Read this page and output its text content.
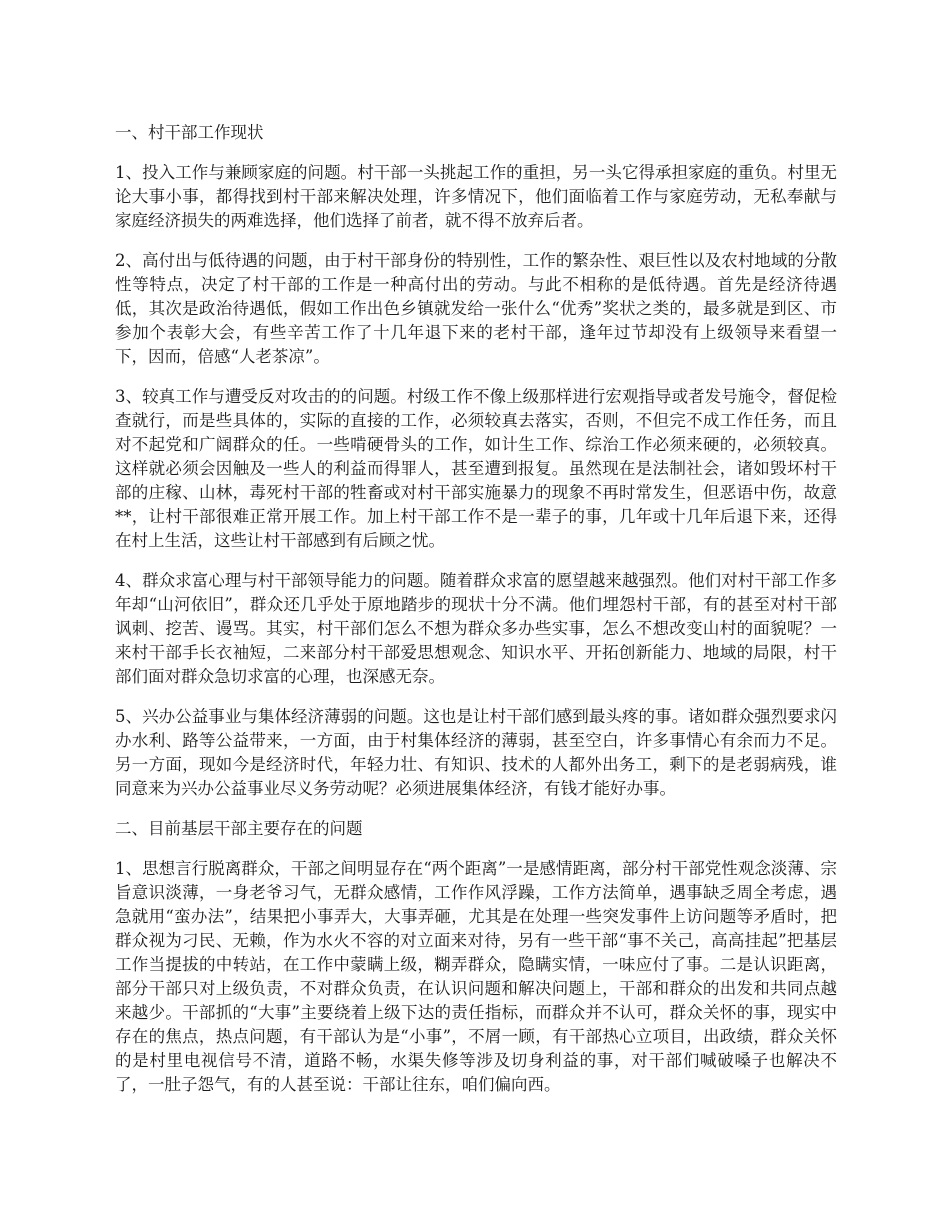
一、村干部工作现状

1、投入工作与兼顾家庭的问题。村干部一头挑起工作的重担，另一头它得承担家庭的重负。村里无论大事小事，都得找到村干部来解决处理，许多情况下，他们面临着工作与家庭劳动，无私奉献与家庭经济损失的两难选择，他们选择了前者，就不得不放弃后者。

2、高付出与低待遇的问题，由于村干部身份的特别性，工作的繁杂性、艰巨性以及农村地域的分散性等特点，决定了村干部的工作是一种高付出的劳动。与此不相称的是低待遇。首先是经济待遇低，其次是政治待遇低，假如工作出色乡镇就发给一张什么“优秀”奖状之类的，最多就是到区、市参加个表彰大会，有些辛苦工作了十几年退下来的老村干部，逢年过节却没有上级领导来看望一下，因而，倍感“人老茶凉”。

3、较真工作与遭受反对攻击的的问题。村级工作不像上级那样进行宏观指导或者发号施令，督促检查就行，而是些具体的，实际的直接的工作，必须较真去落实，否则，不但完不成工作任务，而且对不起党和广阔群众的任。一些啃硬骨头的工作，如计生工作、综治工作必须来硬的，必须较真。这样就必须会因触及一些人的利益而得罪人，甚至遭到报复。虽然现在是法制社会，诸如毁坏村干部的庄稼、山林，毒死村干部的牲畜或对村干部实施暴力的现象不再时常发生，但恶语中伤，故意**，让村干部很难正常开展工作。加上村干部工作不是一辈子的事，几年或十几年后退下来，还得在村上生活，这些让村干部感到有后顾之忧。

4、群众求富心理与村干部领导能力的问题。随着群众求富的愿望越来越强烈。他们对村干部工作多年却“山河依旧”，群众还几乎处于原地踏步的现状十分不满。他们埋怨村干部，有的甚至对村干部讽刺、挖苦、谩骂。其实，村干部们怎么不想为群众多办些实事，怎么不想改变山村的面貌呢？一来村干部手长衣袖短，二来部分村干部爱思想观念、知识水平、开拓创新能力、地域的局限，村干部们面对群众急切求富的心理，也深感无奈。

5、兴办公益事业与集体经济薄弱的问题。这也是让村干部们感到最头疼的事。诸如群众强烈要求闪办水利、路等公益带来，一方面，由于村集体经济的薄弱，甚至空白，许多事情心有余而力不足。另一方面，现如今是经济时代，年轻力壮、有知识、技术的人都外出务工，剩下的是老弱病残，谁同意来为兴办公益事业尽义务劳动呢？必须进展集体经济，有钱才能好办事。

二、目前基层干部主要存在的问题

1、思想言行脱离群众，干部之间明显存在“两个距离”一是感情距离，部分村干部党性观念淡薄、宗旨意识淡薄，一身老爷习气，无群众感情，工作作风浮躁，工作方法简单，遇事缺乏周全考虑，遇急就用“蛮办法”，结果把小事弄大，大事弄砸，尤其是在处理一些突发事件上访问题等矛盾时，把群众视为刁民、无赖，作为水火不容的对立面来对待，另有一些干部“事不关己，高高挂起”把基层工作当提拔的中转站，在工作中蒙瞒上级，糊弄群众，隐瞒实情，一味应付了事。二是认识距离，部分干部只对上级负责，不对群众负责，在认识问题和解决问题上，干部和群众的出发和共同点越来越少。干部抓的“大事”主要绕着上级下达的责任指标，而群众并不认可，群众关怀的事，现实中存在的焦点，热点问题，有干部认为是“小事”，不屑一顾，有干部热心立项目，出政绩，群众关怀的是村里电视信号不清，道路不畅，水渠失修等涉及切身利益的事，对干部们喊破嗓子也解决不了，一肚子怨气，有的人甚至说：干部让往东，咱们偏向西。
